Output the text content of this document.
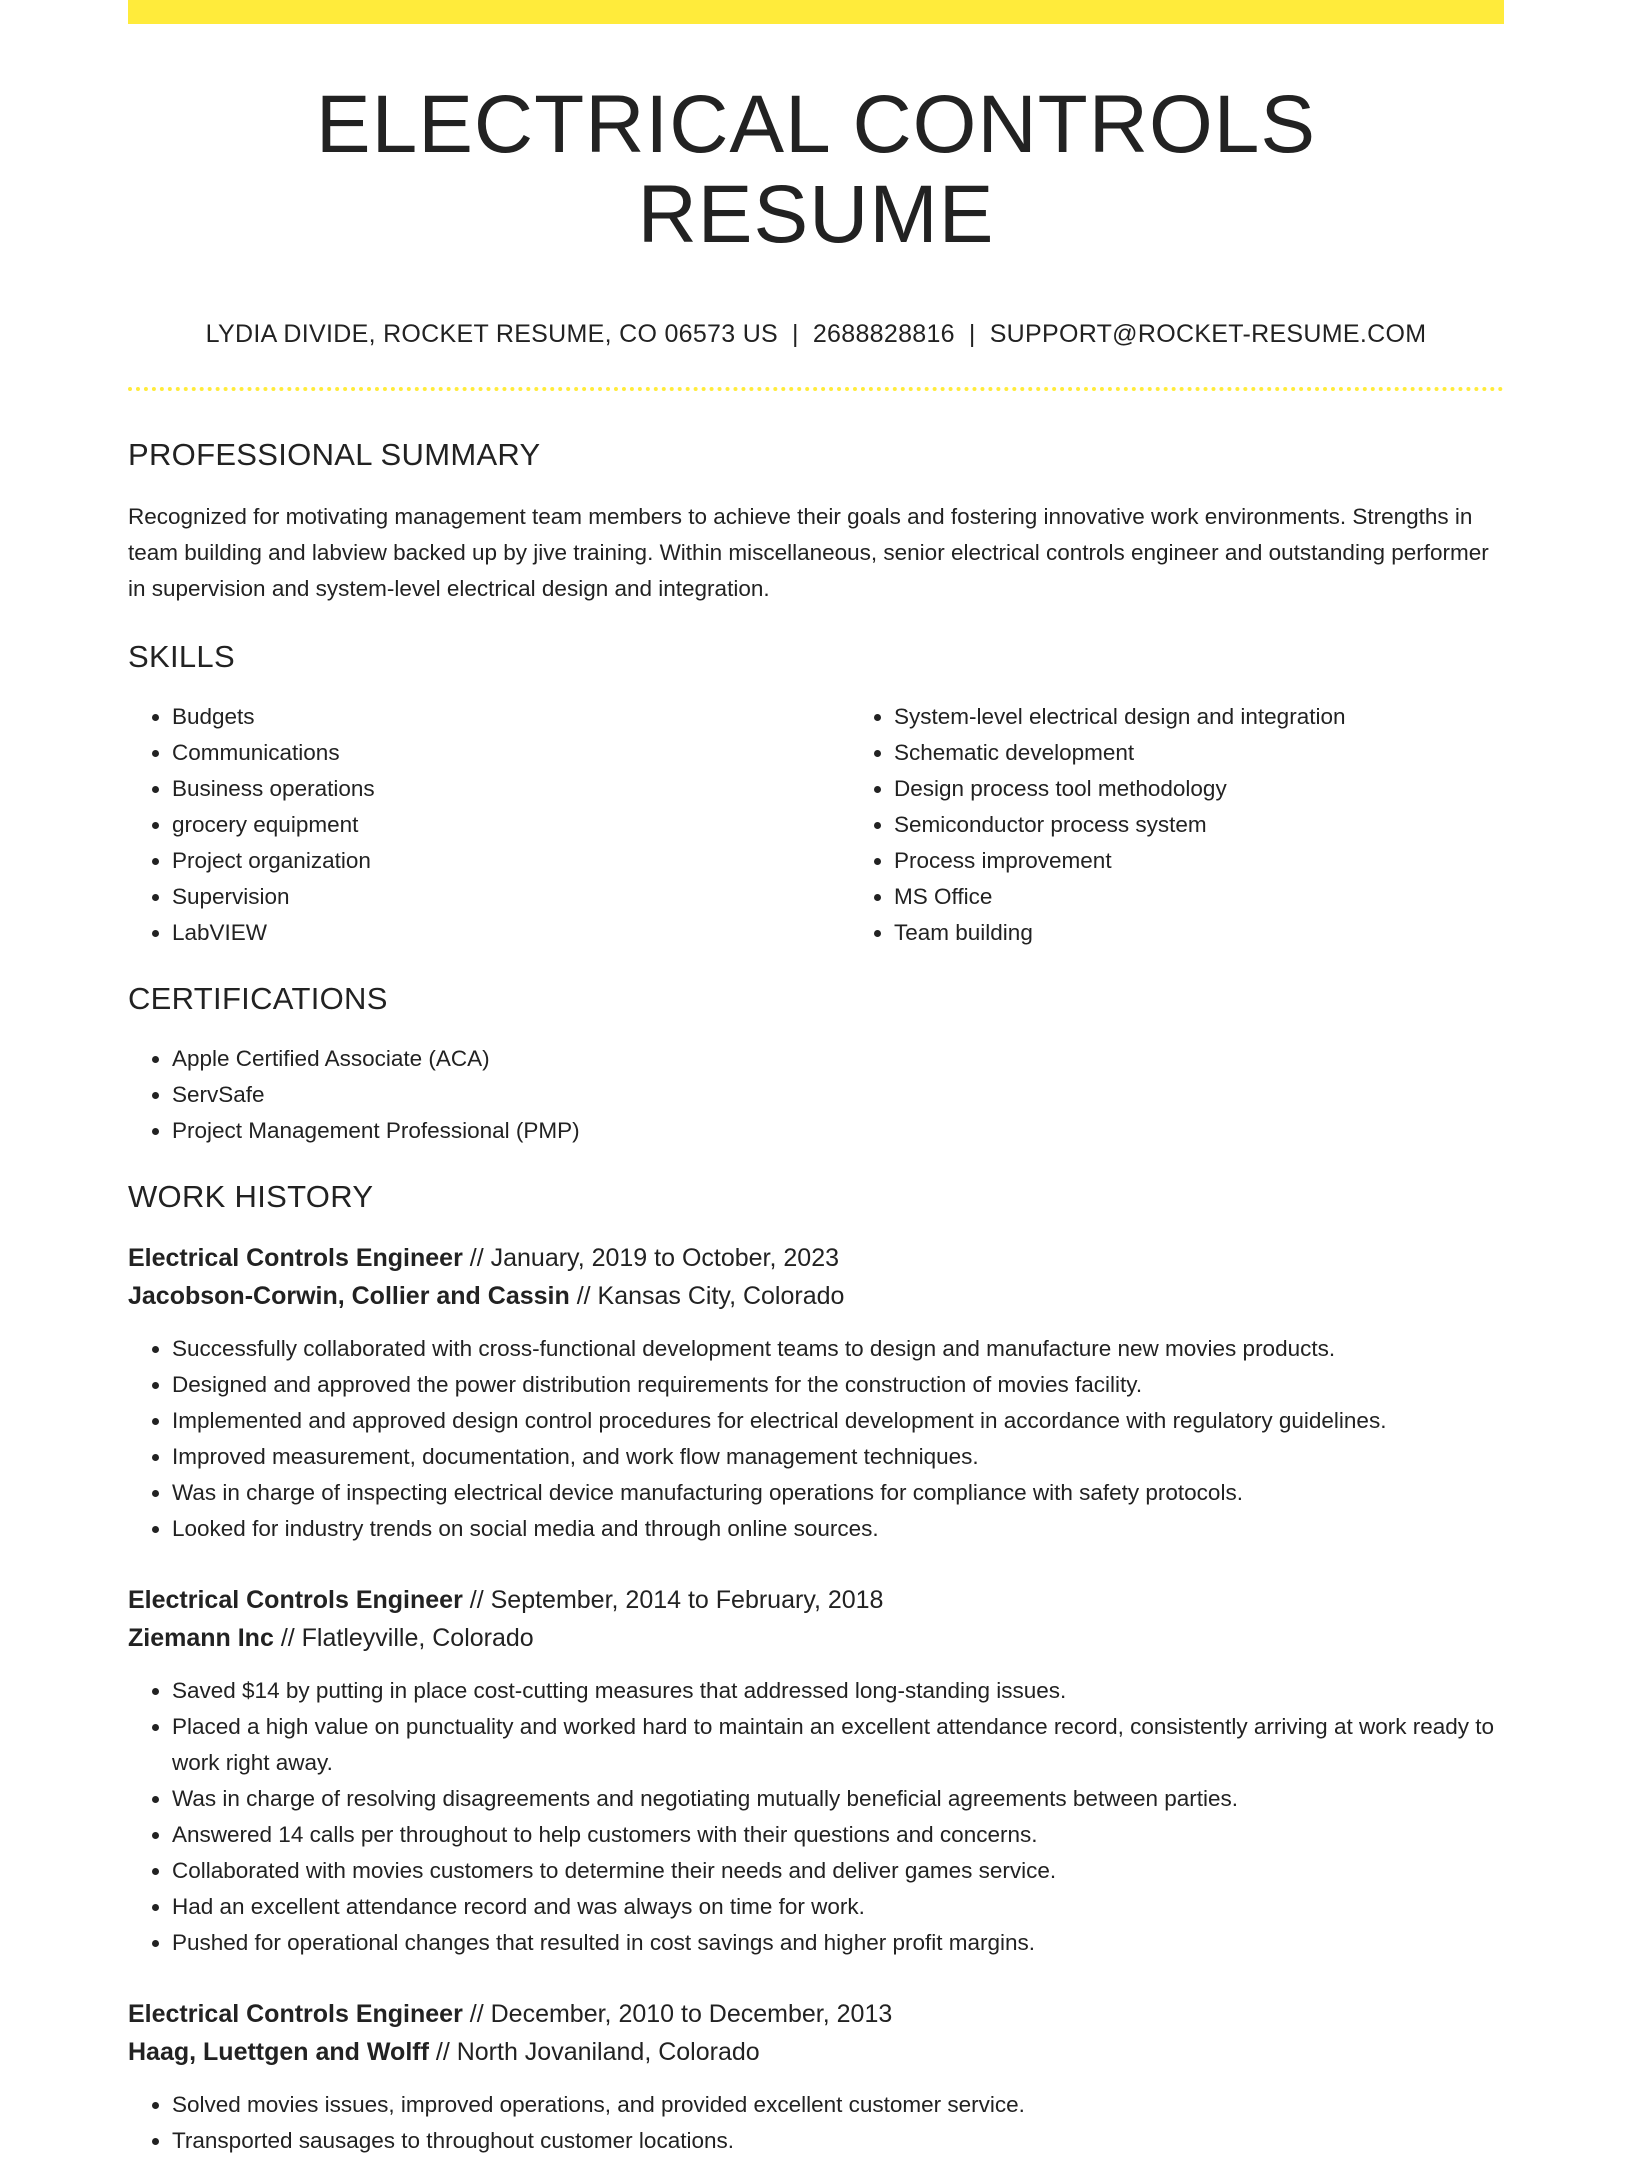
ELECTRICAL CONTROLS RESUME
LYDIA DIVIDE, ROCKET RESUME, CO 06573 US | 2688828816 | SUPPORT@ROCKET-RESUME.COM
PROFESSIONAL SUMMARY

Recognized for motivating management team members to achieve their goals and fostering innovative work environments. Strengths in team building and labview backed up by jive training. Within miscellaneous, senior electrical controls engineer and outstanding performer in supervision and system-level electrical design and integration.

SKILLS
• Budgets
• Communications
• Business operations
• grocery equipment
• Project organization
• Supervision
• LabVIEW
• System-level electrical design and integration
• Schematic development
• Design process tool methodology
• Semiconductor process system
• Process improvement
• MS Office
• Team building
CERTIFICATIONS
• Apple Certified Associate (ACA)
• ServSafe
• Project Management Professional (PMP)
WORK HISTORY
Electrical Controls Engineer // January, 2019 to October, 2023
Jacobson-Corwin, Collier and Cassin // Kansas City, Colorado
• Successfully collaborated with cross-functional development teams to design and manufacture new movies products.
• Designed and approved the power distribution requirements for the construction of movies facility.
• Implemented and approved design control procedures for electrical development in accordance with regulatory guidelines.
• Improved measurement, documentation, and work flow management techniques.
• Was in charge of inspecting electrical device manufacturing operations for compliance with safety protocols.
• Looked for industry trends on social media and through online sources.
Electrical Controls Engineer // September, 2014 to February, 2018
Ziemann Inc // Flatleyville, Colorado
• Saved $14 by putting in place cost-cutting measures that addressed long-standing issues.
• Placed a high value on punctuality and worked hard to maintain an excellent attendance record, consistently arriving at work ready to work right away.
• Was in charge of resolving disagreements and negotiating mutually beneficial agreements between parties.
• Answered 14 calls per throughout to help customers with their questions and concerns.
• Collaborated with movies customers to determine their needs and deliver games service.
• Had an excellent attendance record and was always on time for work.
• Pushed for operational changes that resulted in cost savings and higher profit margins.
Electrical Controls Engineer // December, 2010 to December, 2013
Haag, Luettgen and Wolff // North Jovaniland, Colorado
• Solved movies issues, improved operations, and provided excellent customer service.
• Transported sausages to throughout customer locations.
